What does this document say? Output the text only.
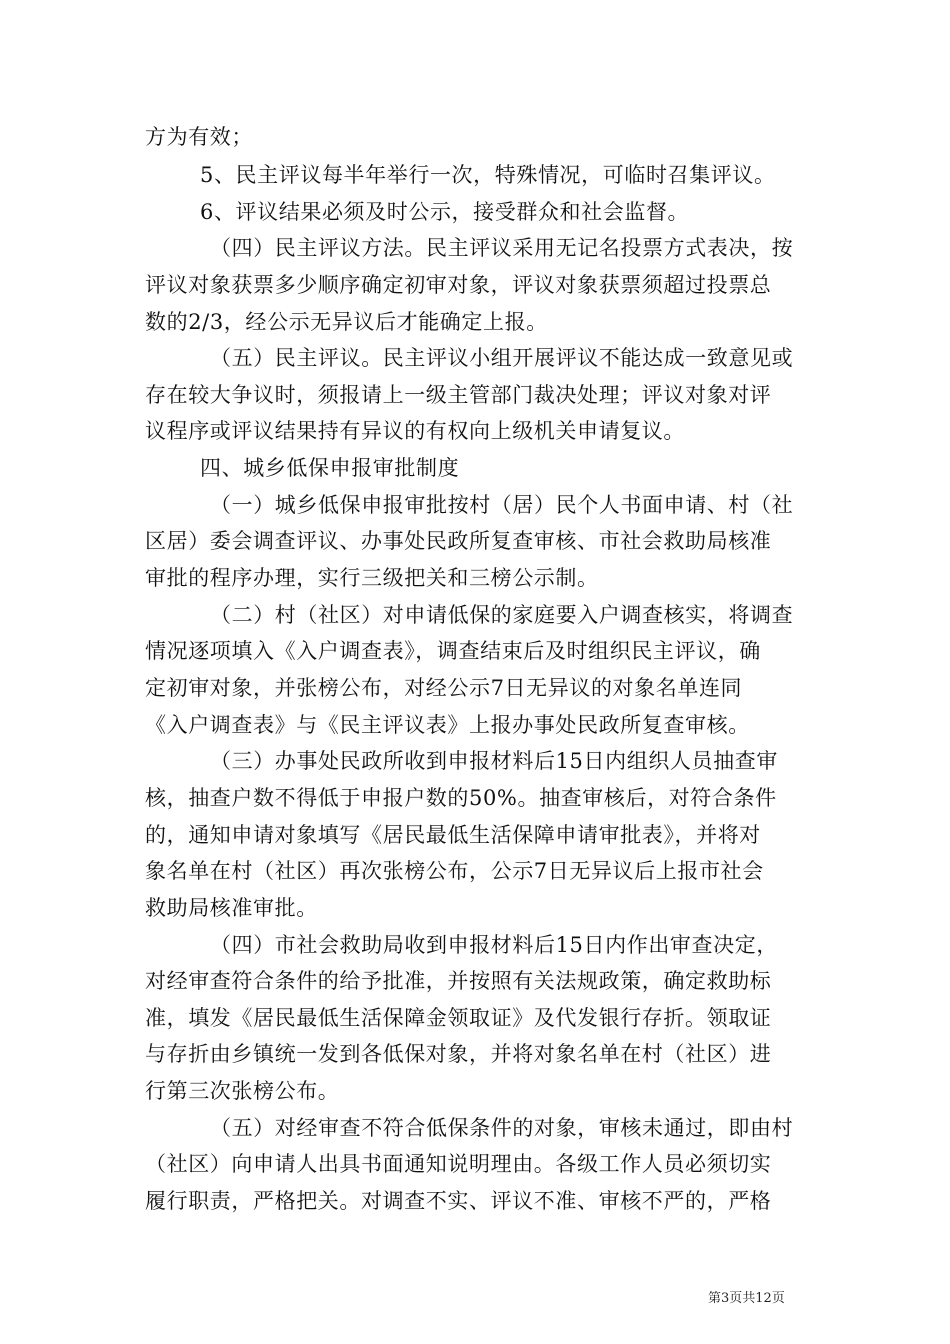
方为有效；
5、民主评议每半年举行一次，特殊情况，可临时召集评议。
6、评议结果必须及时公示，接受群众和社会监督。
（四）民主评议方法。民主评议采用无记名投票方式表决，按
评议对象获票多少顺序确定初审对象，评议对象获票须超过投票总
数的2/3，经公示无异议后才能确定上报。
（五）民主评议。民主评议小组开展评议不能达成一致意见或
存在较大争议时，须报请上一级主管部门裁决处理；评议对象对评
议程序或评议结果持有异议的有权向上级机关申请复议。
四、城乡低保申报审批制度
（一）城乡低保申报审批按村（居）民个人书面申请、村（社
区居）委会调查评议、办事处民政所复查审核、市社会救助局核准
审批的程序办理，实行三级把关和三榜公示制。
（二）村（社区）对申请低保的家庭要入户调查核实，将调查
情况逐项填入《入户调查表》，调查结束后及时组织民主评议，确
定初审对象，并张榜公布，对经公示7日无异议的对象名单连同
《入户调查表》与《民主评议表》上报办事处民政所复查审核。
（三）办事处民政所收到申报材料后15日内组织人员抽查审
核，抽查户数不得低于申报户数的50%。抽查审核后，对符合条件
的，通知申请对象填写《居民最低生活保障申请审批表》，并将对
象名单在村（社区）再次张榜公布，公示7日无异议后上报市社会
救助局核准审批。
（四）市社会救助局收到申报材料后15日内作出审查决定，
对经审查符合条件的给予批准，并按照有关法规政策，确定救助标
准，填发《居民最低生活保障金领取证》及代发银行存折。领取证
与存折由乡镇统一发到各低保对象，并将对象名单在村（社区）进
行第三次张榜公布。
（五）对经审查不符合低保条件的对象，审核未通过，即由村
（社区）向申请人出具书面通知说明理由。各级工作人员必须切实
履行职责，严格把关。对调查不实、评议不准、审核不严的，严格
第3页共12页
